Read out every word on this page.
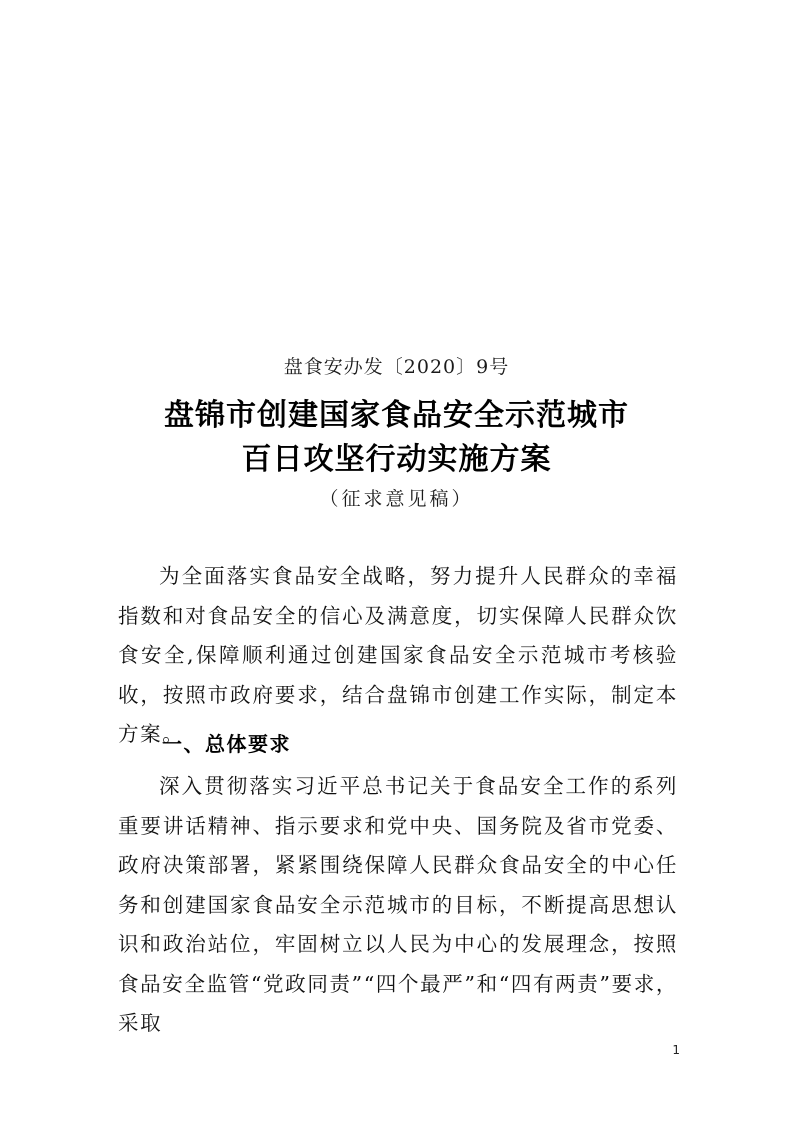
盘食安办发〔2020〕9号
盘锦市创建国家食品安全示范城市
百日攻坚行动实施方案
（征求意见稿）

为全面落实食品安全战略，努力提升人民群众的幸福指数和对食品安全的信心及满意度，切实保障人民群众饮食安全,保障顺利通过创建国家食品安全示范城市考核验收，按照市政府要求，结合盘锦市创建工作实际，制定本方案。

一、总体要求

深入贯彻落实习近平总书记关于食品安全工作的系列重要讲话精神、指示要求和党中央、国务院及省市党委、政府决策部署，紧紧围绕保障人民群众食品安全的中心任务和创建国家食品安全示范城市的目标，不断提高思想认识和政治站位，牢固树立以人民为中心的发展理念，按照食品安全监管“党政同责”“四个最严”和“四有两责”要求，采取

1
